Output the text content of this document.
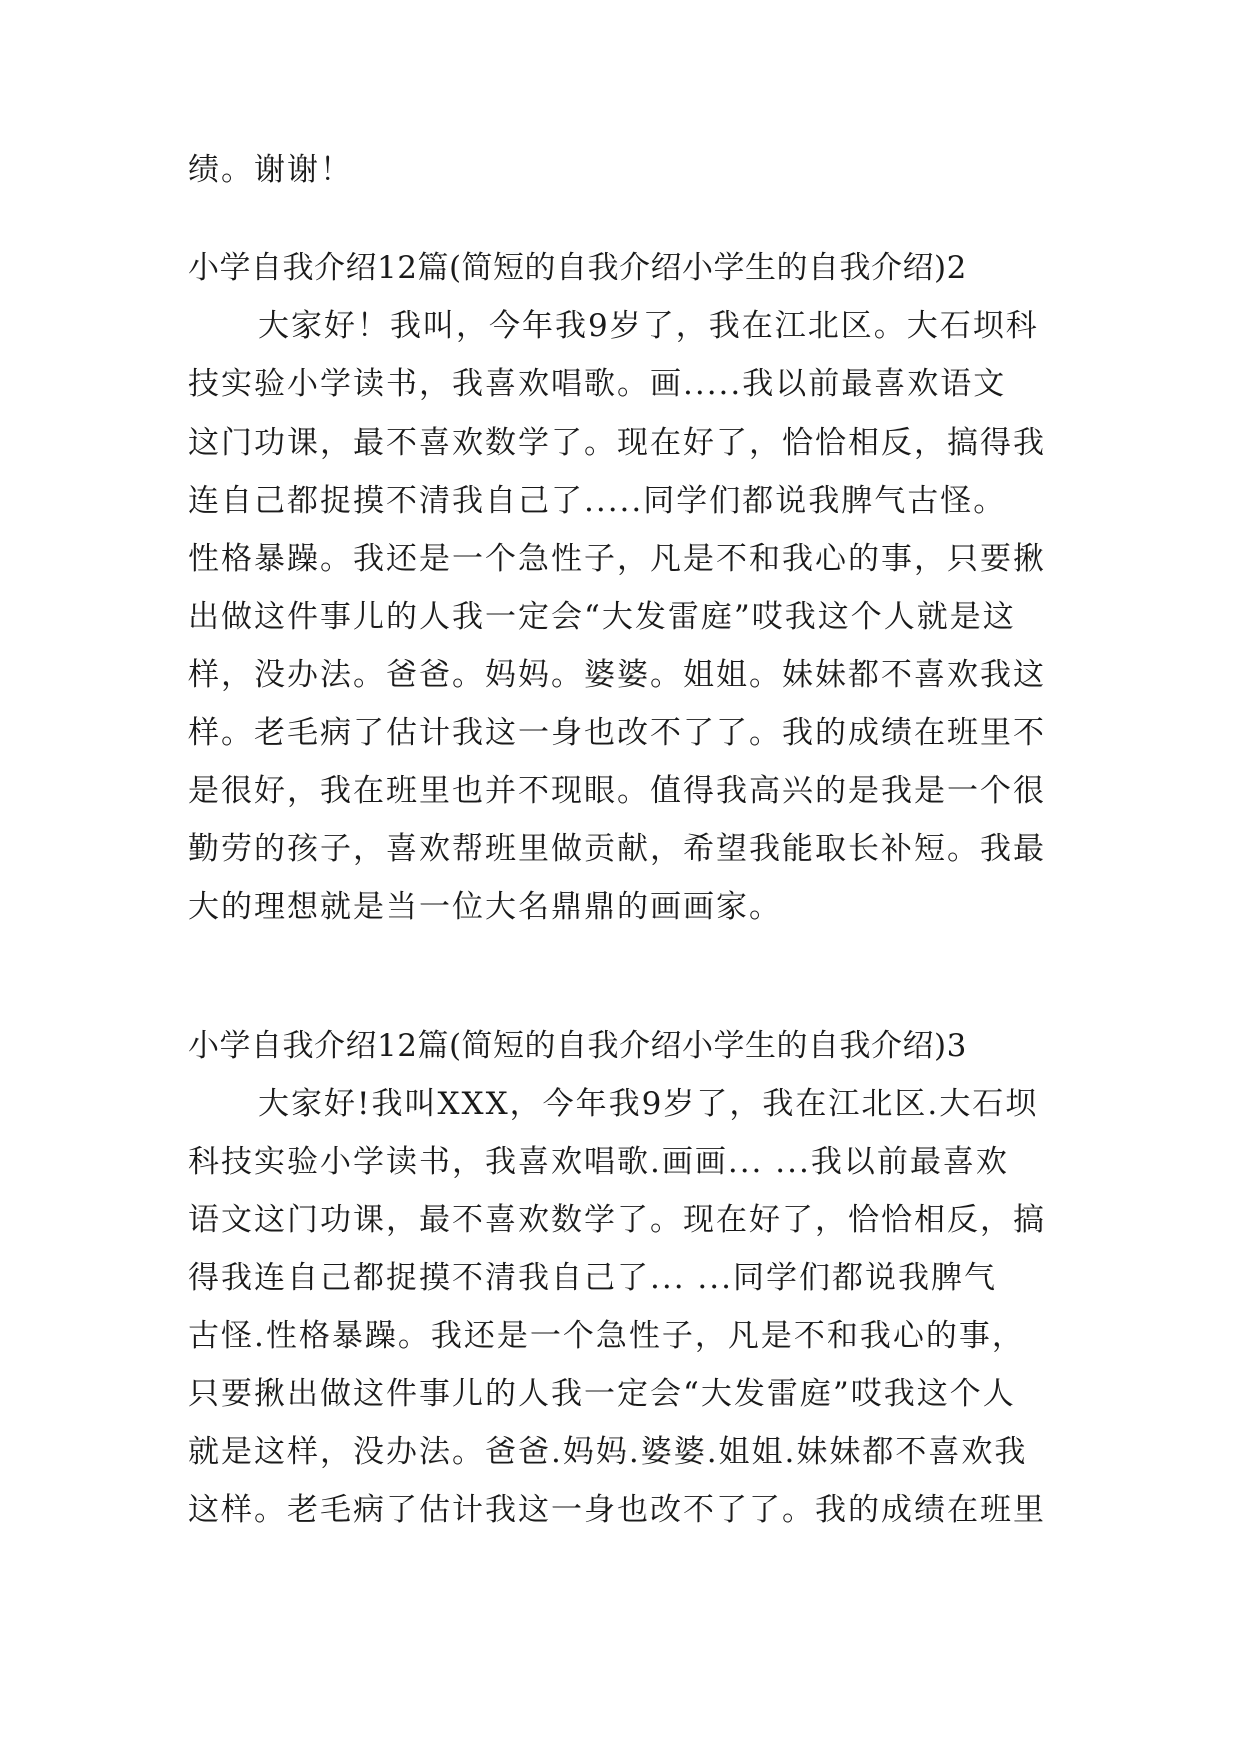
绩。谢谢！
小学自我介绍12篇(简短的自我介绍小学生的自我介绍)2
大家好！我叫，今年我9岁了，我在江北区。大石坝科
技实验小学读书，我喜欢唱歌。画.....我以前最喜欢语文
这门功课，最不喜欢数学了。现在好了，恰恰相反，搞得我
连自己都捉摸不清我自己了.....同学们都说我脾气古怪。
性格暴躁。我还是一个急性子，凡是不和我心的事，只要揪
出做这件事儿的人我一定会“大发雷庭”哎我这个人就是这
样，没办法。爸爸。妈妈。婆婆。姐姐。妹妹都不喜欢我这
样。老毛病了估计我这一身也改不了了。我的成绩在班里不
是很好，我在班里也并不现眼。值得我高兴的是我是一个很
勤劳的孩子，喜欢帮班里做贡献，希望我能取长补短。我最
大的理想就是当一位大名鼎鼎的画画家。
小学自我介绍12篇(简短的自我介绍小学生的自我介绍)3
大家好!我叫XXX，今年我9岁了，我在江北区.大石坝
科技实验小学读书，我喜欢唱歌.画画... ...我以前最喜欢
语文这门功课，最不喜欢数学了。现在好了，恰恰相反，搞
得我连自己都捉摸不清我自己了... ...同学们都说我脾气
古怪.性格暴躁。我还是一个急性子，凡是不和我心的事，
只要揪出做这件事儿的人我一定会“大发雷庭”哎我这个人
就是这样，没办法。爸爸.妈妈.婆婆.姐姐.妹妹都不喜欢我
这样。老毛病了估计我这一身也改不了了。我的成绩在班里
